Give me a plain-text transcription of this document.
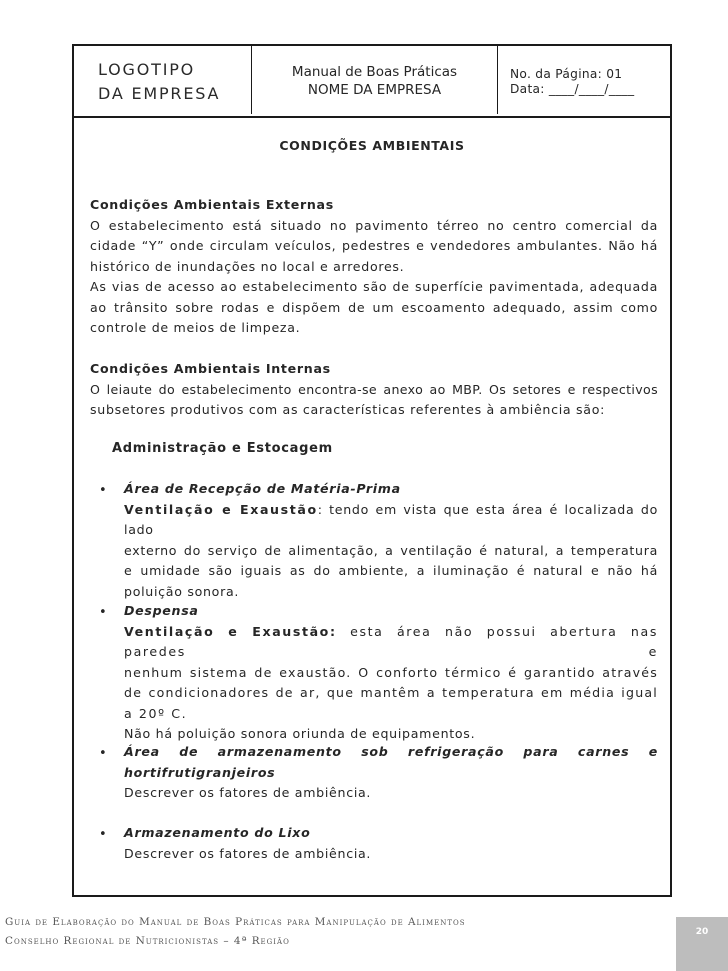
LOGOTIPO
DA EMPRESA
Manual de Boas Práticas
NOME DA EMPRESA
No. da Página: 01
Data: ____/____/____
CONDIÇÕES AMBIENTAIS
Condições Ambientais Externas
O estabelecimento está situado no pavimento térreo no centro comercial da
cidade “Y” onde circulam veículos, pedestres e vendedores ambulantes. Não há
histórico de inundações no local e arredores.
As vias de acesso ao estabelecimento são de superfície pavimentada, adequada
ao trânsito sobre rodas e dispõem de um escoamento adequado, assim como
controle de meios de limpeza.
Condições Ambientais Internas
O leiaute do estabelecimento encontra-se anexo ao MBP. Os setores e respectivos
subsetores produtivos com as características referentes à ambiência são:
Administração e Estocagem
• Área de Recepção de Matéria-Prima
Ventilação e Exaustão: tendo em vista que esta área é localizada do lado
externo do serviço de alimentação, a ventilação é natural, a temperatura
e umidade são iguais as do ambiente, a iluminação é natural e não há
poluição sonora.
• Despensa
Ventilação e Exaustão: esta área não possui abertura nas paredes e
nenhum sistema de exaustão. O conforto térmico é garantido através
de condicionadores de ar, que mantêm a temperatura em média igual
a 20º C.
Não há poluição sonora oriunda de equipamentos.
• Área de armazenamento sob refrigeração para carnes e
hortifrutigranjeiros
Descrever os fatores de ambiência.
• Armazenamento do Lixo
Descrever os fatores de ambiência.
Guia de Elaboração do Manual de Boas Práticas para Manipulação de Alimentos
Conselho Regional de Nutricionistas – 4ª Região
20
